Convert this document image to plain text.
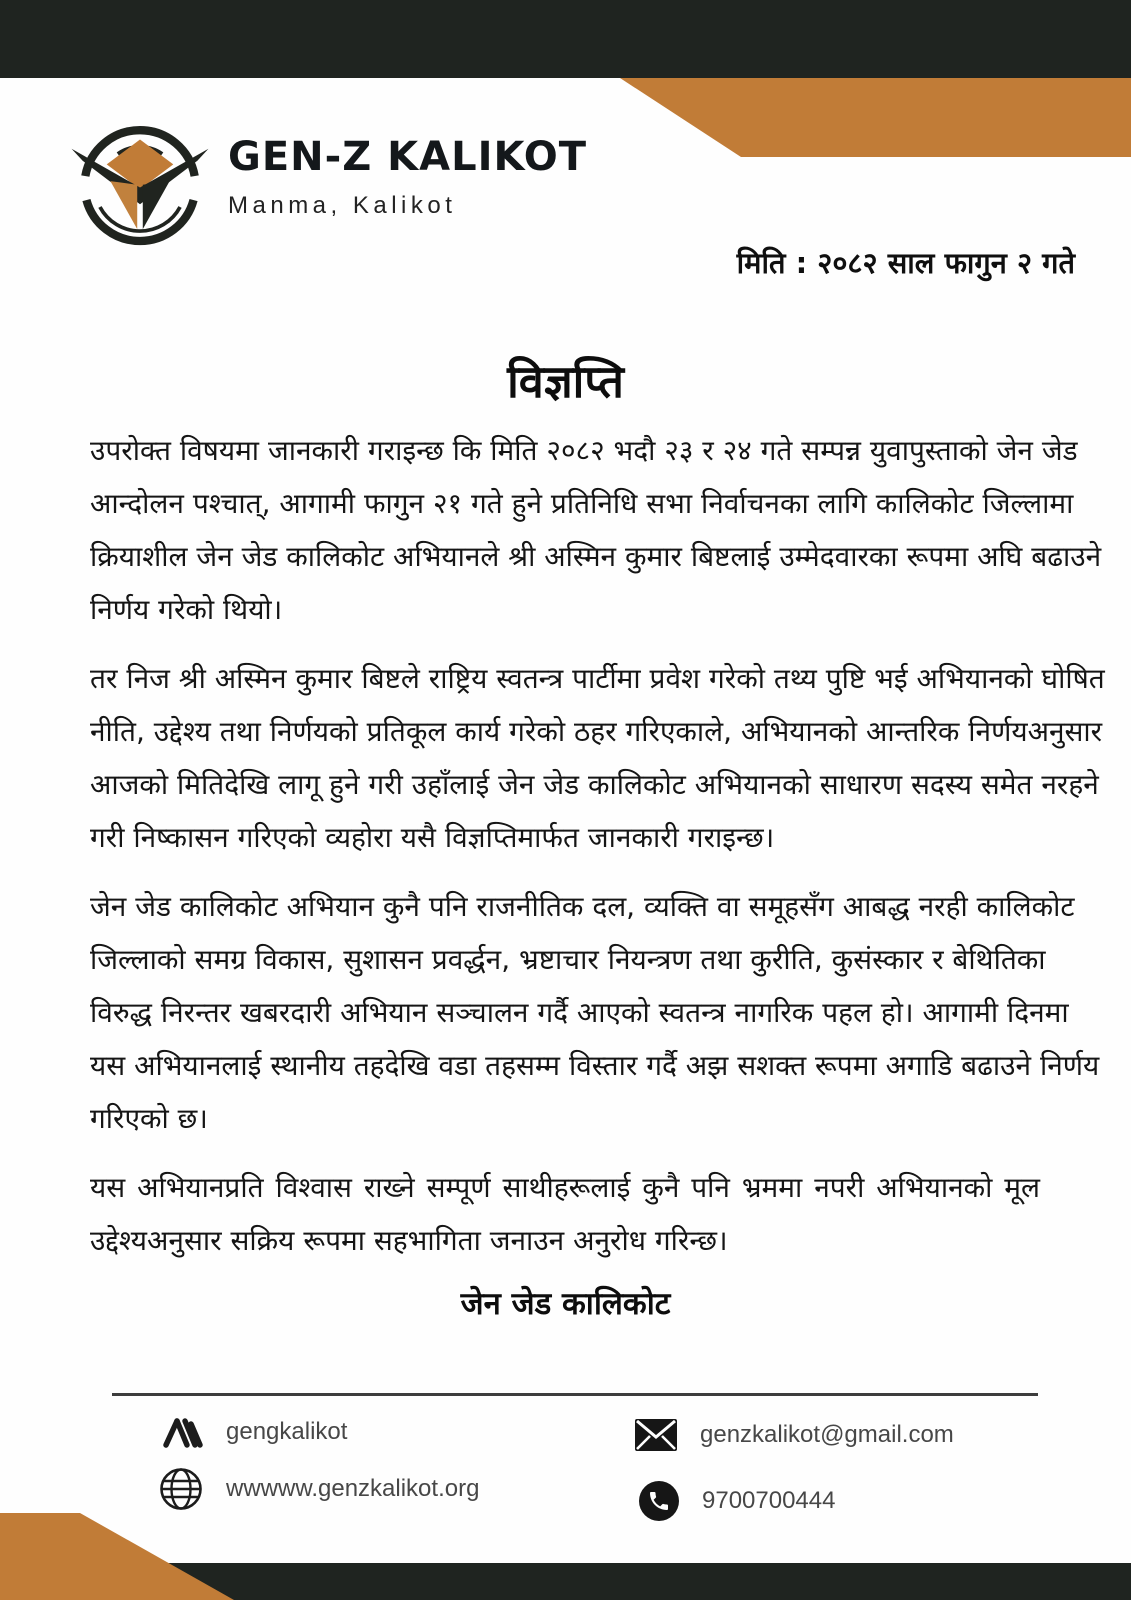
GEN-Z KALIKOT
Manma, Kalikot
मिति : २०८२ साल फागुन २ गते
विज्ञप्ति
उपरोक्त विषयमा जानकारी गराइन्छ कि मिति २०८२ भदौ २३ र २४ गते सम्पन्न युवापुस्ताको जेन जेड
आन्दोलन पश्चात्, आगामी फागुन २१ गते हुने प्रतिनिधि सभा निर्वाचनका लागि कालिकोट जिल्लामा
क्रियाशील जेन जेड कालिकोट अभियानले श्री अस्मिन कुमार बिष्टलाई उम्मेदवारका रूपमा अघि बढाउने
निर्णय गरेको थियो।
तर निज श्री अस्मिन कुमार बिष्टले राष्ट्रिय स्वतन्त्र पार्टीमा प्रवेश गरेको तथ्य पुष्टि भई अभियानको घोषित
नीति, उद्देश्य तथा निर्णयको प्रतिकूल कार्य गरेको ठहर गरिएकाले, अभियानको आन्तरिक निर्णयअनुसार
आजको मितिदेखि लागू हुने गरी उहाँलाई जेन जेड कालिकोट अभियानको साधारण सदस्य समेत नरहने
गरी निष्कासन गरिएको व्यहोरा यसै विज्ञप्तिमार्फत जानकारी गराइन्छ।
जेन जेड कालिकोट अभियान कुनै पनि राजनीतिक दल, व्यक्ति वा समूहसँग आबद्ध नरही कालिकोट
जिल्लाको समग्र विकास, सुशासन प्रवर्द्धन, भ्रष्टाचार नियन्त्रण तथा कुरीति, कुसंस्कार र बेथितिका
विरुद्ध निरन्तर खबरदारी अभियान सञ्चालन गर्दै आएको स्वतन्त्र नागरिक पहल हो। आगामी दिनमा
यस अभियानलाई स्थानीय तहदेखि वडा तहसम्म विस्तार गर्दै अझ सशक्त रूपमा अगाडि बढाउने निर्णय
गरिएको छ।
यस अभियानप्रति विश्वास राख्ने सम्पूर्ण साथीहरूलाई कुनै पनि भ्रममा नपरी अभियानको मूल
उद्देश्यअनुसार सक्रिय रूपमा सहभागिता जनाउन अनुरोध गरिन्छ।
जेन जेड कालिकोट
gengkalikot
wwwww.genzkalikot.org
genzkalikot@gmail.com
9700700444
